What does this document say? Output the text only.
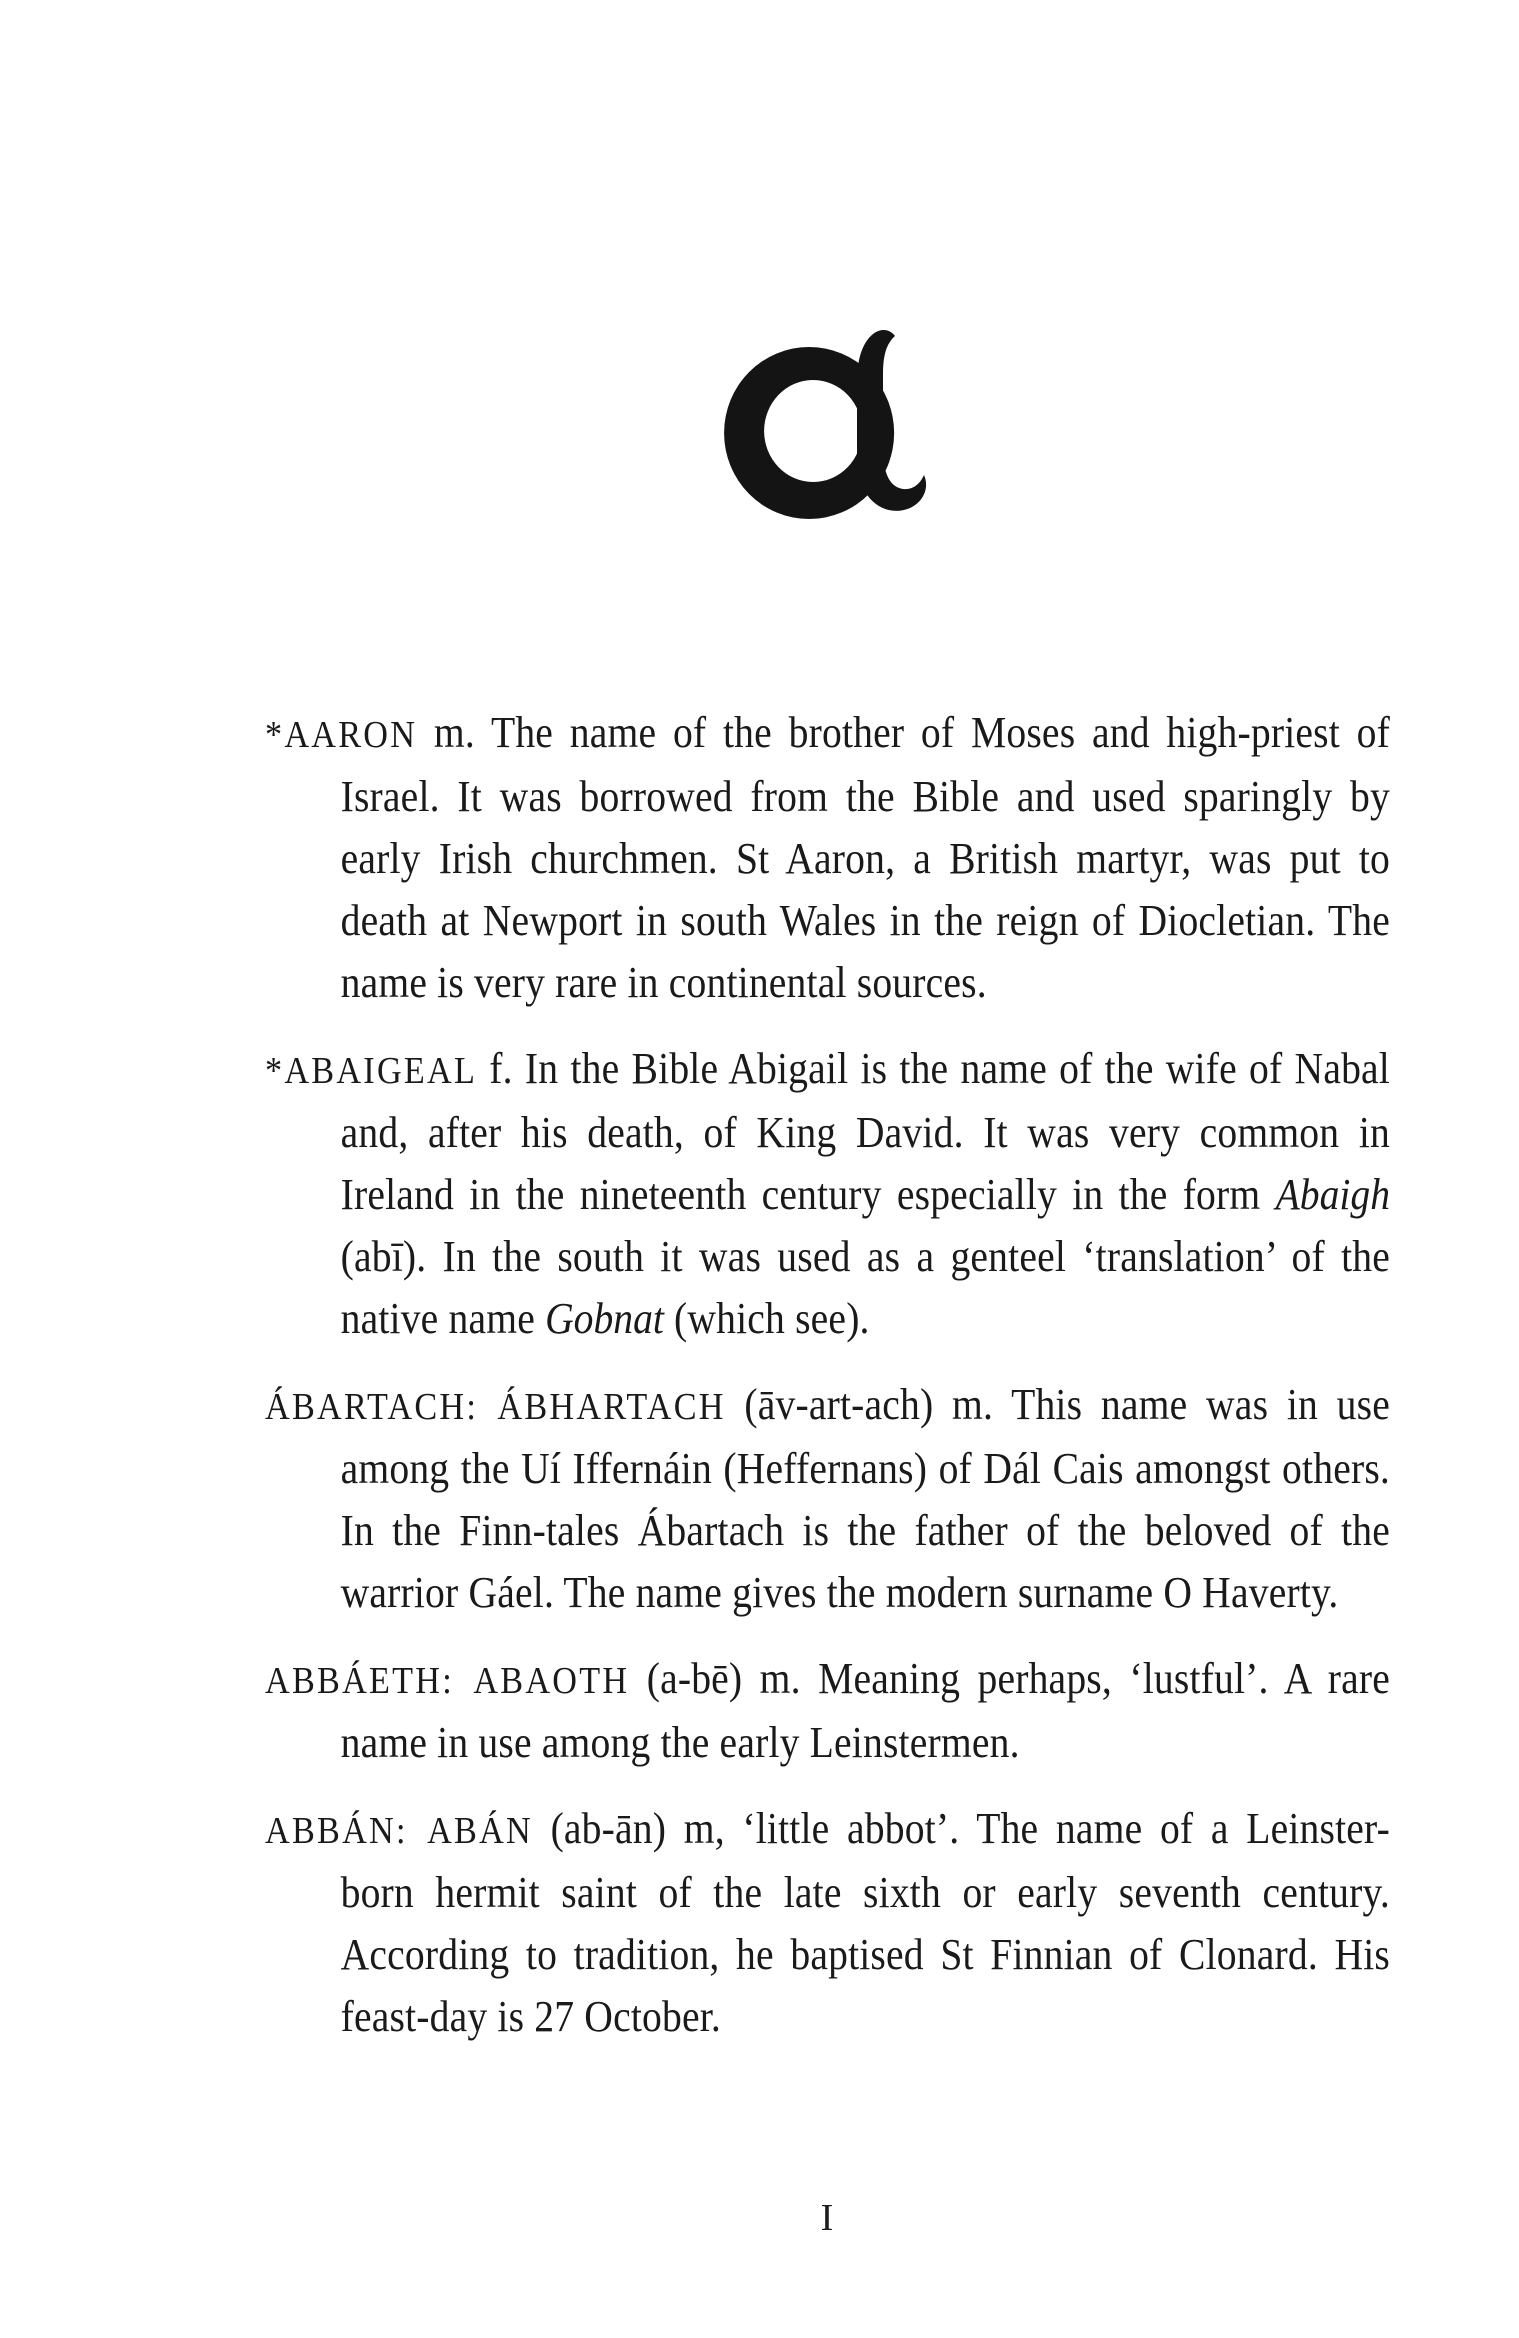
*AARON m. The name of the brother of Moses and high-priest of Israel. It was borrowed from the Bible and used sparingly by early Irish churchmen. St Aaron, a British martyr, was put to death at Newport in south Wales in the reign of Diocletian. The name is very rare in continental sources.

*ABAIGEAL f. In the Bible Abigail is the name of the wife of Nabal and, after his death, of King David. It was very common in Ireland in the nineteenth century especially in the form Abaigh (abī). In the south it was used as a genteel ‘translation’ of the native name Gobnat (which see).

ÁBARTACH: ÁBHARTACH (āv-art-ach) m. This name was in use among the Uí Iffernáin (Heffernans) of Dál Cais amongst others. In the Finn-tales Ábartach is the father of the beloved of the warrior Gáel. The name gives the modern surname O Haverty.

ABBÁETH: ABAOTH (a-bē) m. Meaning perhaps, ‘lustful’. A rare name in use among the early Leinstermen.

ABBÁN: ABÁN (ab-ān) m, ‘little abbot’. The name of a Leinster-born hermit saint of the late sixth or early seventh century. According to tradition, he baptised St Finnian of Clonard. His feast-day is 27 October.

I
